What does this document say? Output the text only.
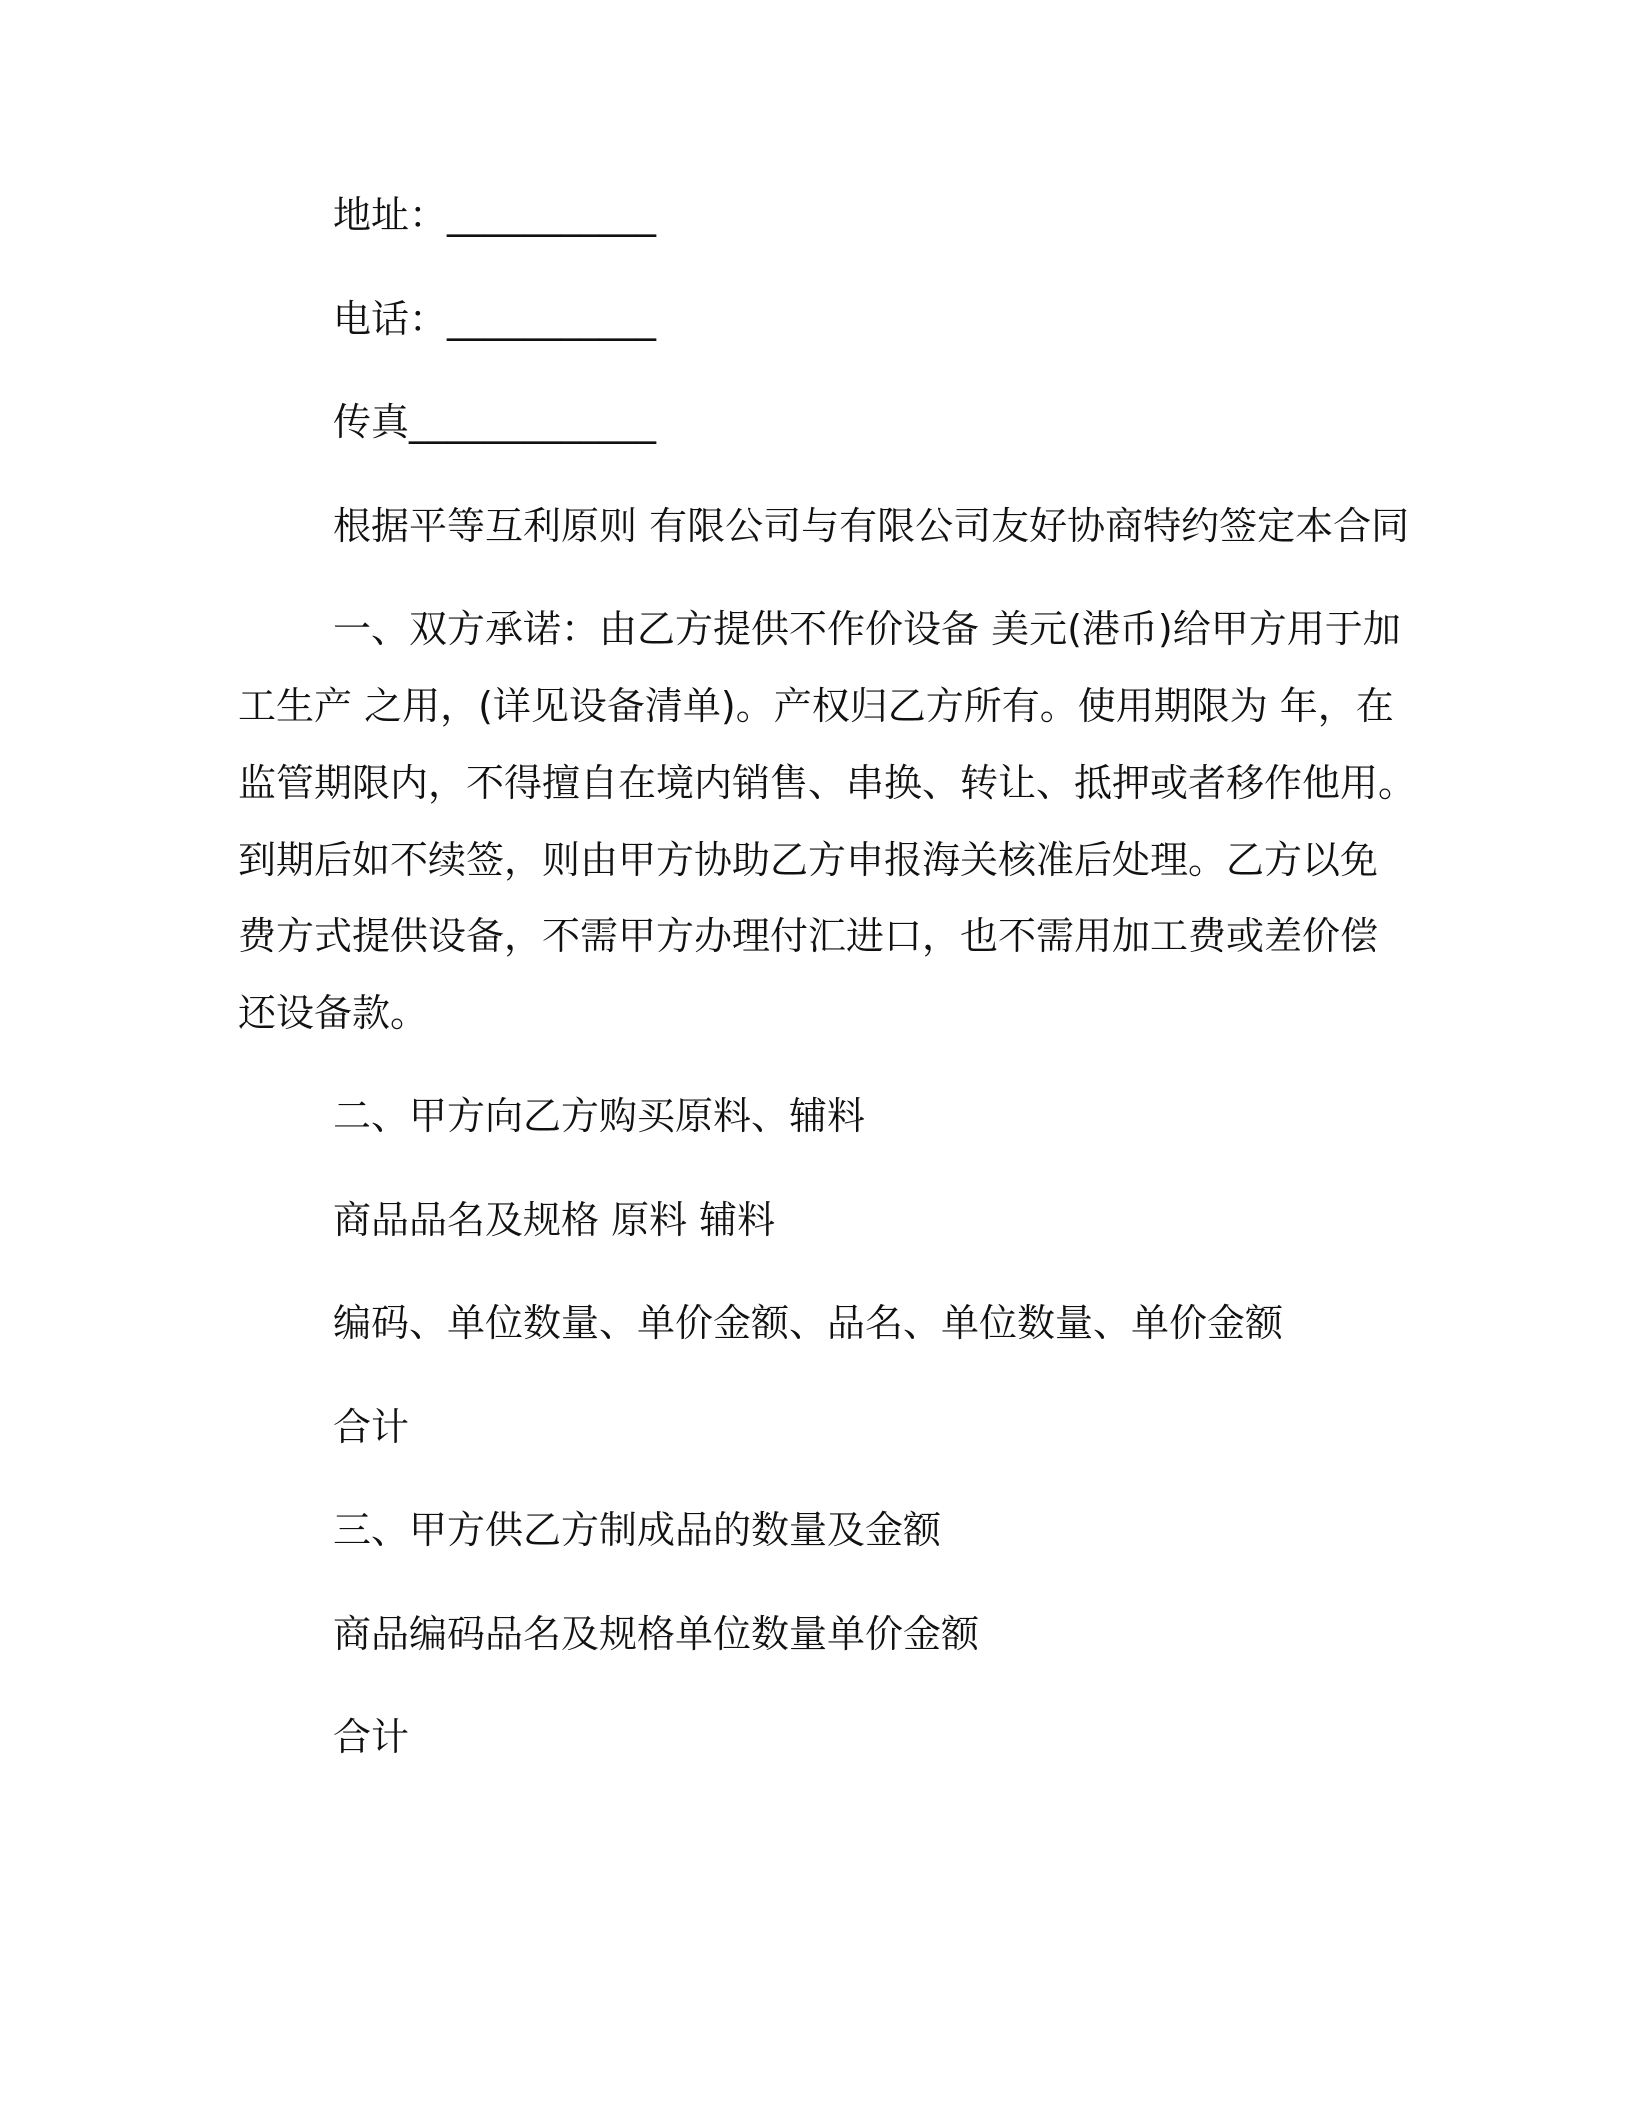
地址：___________
电话：___________
传真_____________
根据平等互利原则 有限公司与有限公司友好协商特约签定本合同
一、双方承诺：由乙方提供不作价设备 美元(港币)给甲方用于加
工生产 之用，(详见设备清单)。产权归乙方所有。使用期限为 年，在
监管期限内，不得擅自在境内销售、串换、转让、抵押或者移作他用。
到期后如不续签，则由甲方协助乙方申报海关核准后处理。乙方以免
费方式提供设备，不需甲方办理付汇进口，也不需用加工费或差价偿
还设备款。
二、甲方向乙方购买原料、辅料
商品品名及规格 原料 辅料
编码、单位数量、单价金额、品名、单位数量、单价金额
合计
三、甲方供乙方制成品的数量及金额
商品编码品名及规格单位数量单价金额
合计
